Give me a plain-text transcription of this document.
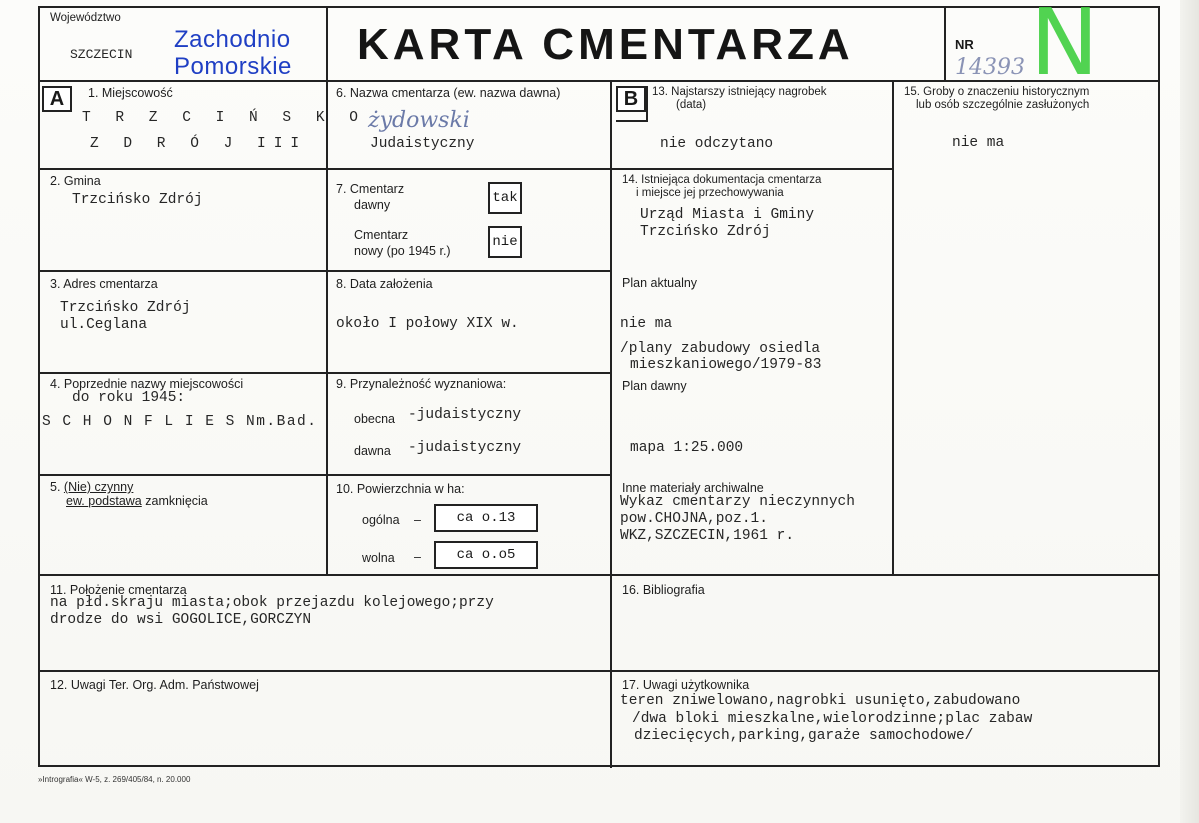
Województwo
SZCZECIN
Zachodnio
Pomorskie KARTA CMENTARZA	NR
14393 N
A	1. Miejscowość
T R Z C I Ń S K O
Z D R Ó J III
2. Gmina
Trzcińsko Zdrój
3. Adres cmentarza
Trzcińsko Zdrój
ul.Ceglana
4. Poprzednie nazwy miejscowości
do roku 1945:
S C H O N F L I E S Nm.Bad.
5. (Nie) czynny
ew. podstawa zamknięcia
6. Nazwa cmentarza (ew. nazwa dawna)
żydowski
Judaistyczny
7. Cmentarz
dawny	tak
Cmentarz
nowy (po 1945 r.)
nie
8. Data założenia
około I połowy XIX w.
9. Przynależność wyznaniowa:
obecna -judaistyczny
dawna -judaistyczny
10. Powierzchnia w ha:
ogólna –	ca o.13
wolna –	ca o.o5
B	13. Najstarszy istniejący nagrobek
(data)
nie odczytano
14. Istniejąca dokumentacja cmentarza
i miejsce jej przechowywania
Urząd Miasta i Gminy
Trzcińsko Zdrój
Plan aktualny
nie ma
/plany zabudowy osiedla
mieszkaniowego/1979-83
Plan dawny
mapa 1:25.000
Inne materiały archiwalne
Wykaz cmentarzy nieczynnych
pow.CHOJNA,poz.1.
WKZ,SZCZECIN,1961 r.
15. Groby o znaczeniu historycznym
lub osób szczególnie zasłużonych
nie ma
11. Położenie cmentarza
na płd.skraju miasta;obok przejazdu kolejowego;przy
drodze do wsi GOGOLICE,GORCZYN
16. Bibliografia
12. Uwagi Ter. Org. Adm. Państwowej	17. Uwagi użytkownika
teren zniwelowano,nagrobki usunięto,zabudowano
/dwa bloki mieszkalne,wielorodzinne;plac zabaw
dziecięcych,parking,garaże samochodowe/
»Intrografia« W-5, z. 269/405/84, n. 20.000
